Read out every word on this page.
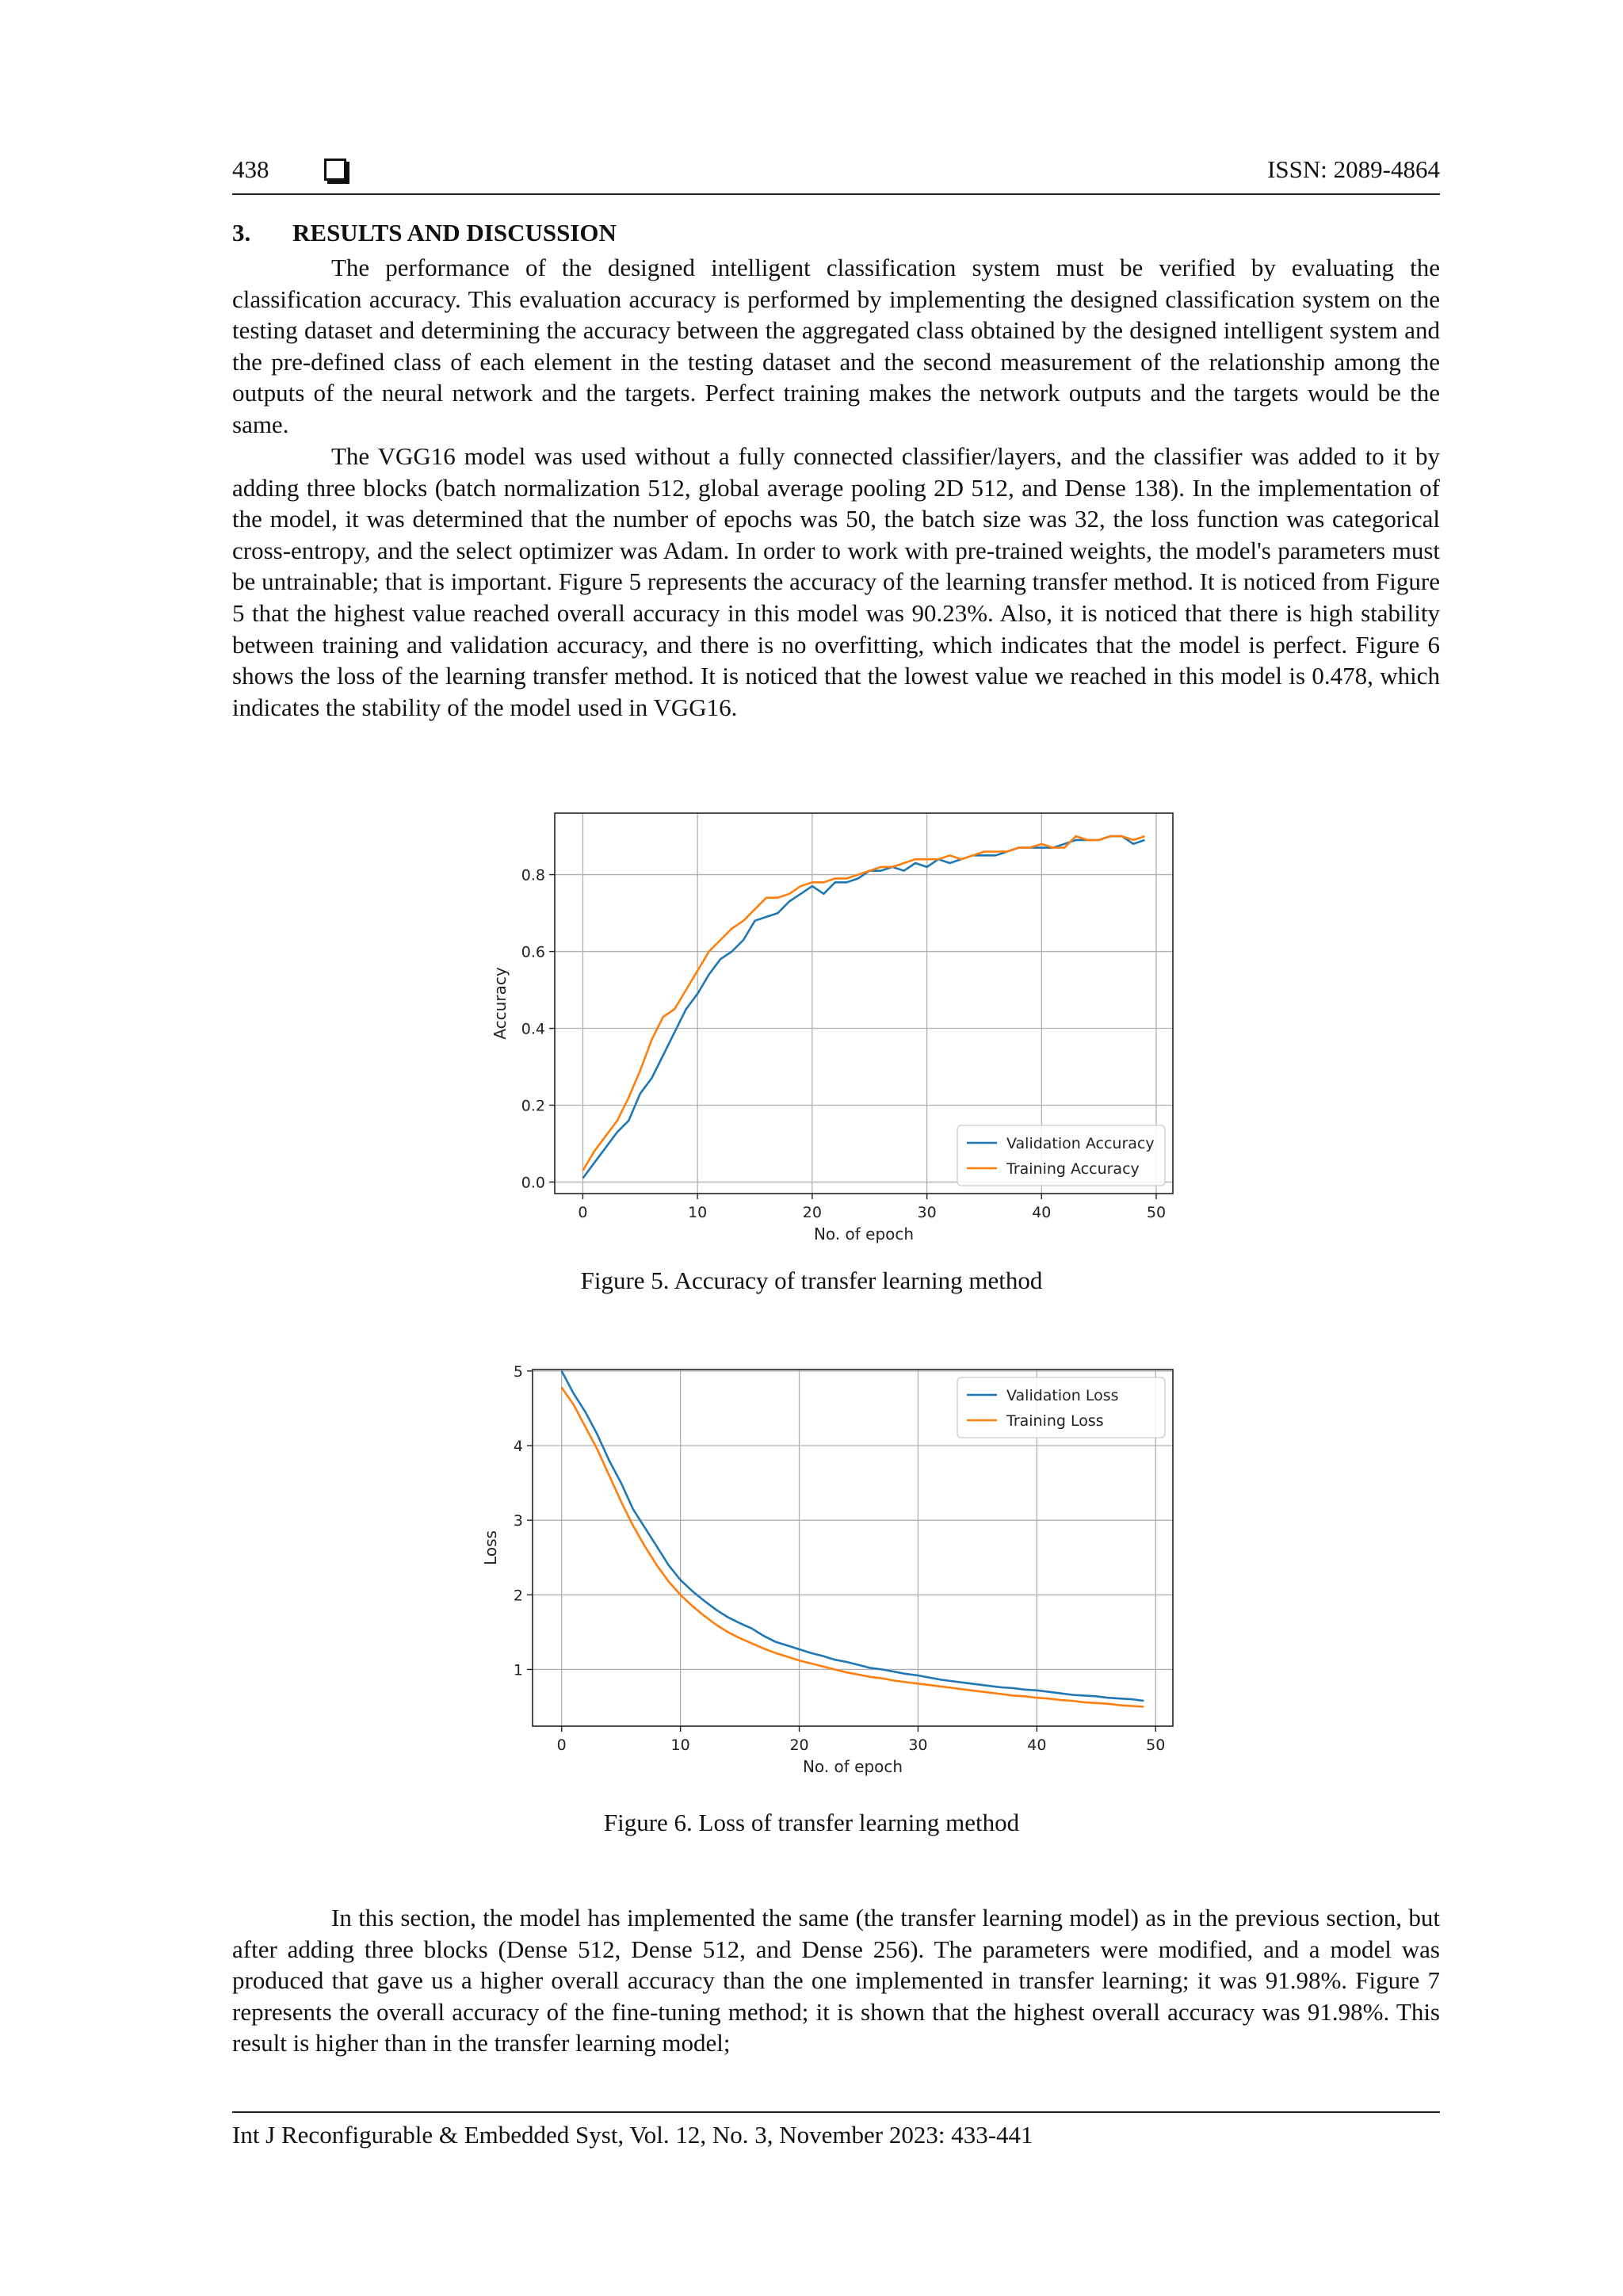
438	ISSN: 2089-4864
3. RESULTS AND DISCUSSION
The performance of the designed intelligent classification system must be verified by evaluating the classification accuracy. This evaluation accuracy is performed by implementing the designed classification system on the testing dataset and determining the accuracy between the aggregated class obtained by the designed intelligent system and the pre-defined class of each element in the testing dataset and the second measurement of the relationship among the outputs of the neural network and the targets. Perfect training makes the network outputs and the targets would be the same.
The VGG16 model was used without a fully connected classifier/layers, and the classifier was added to it by adding three blocks (batch normalization 512, global average pooling 2D 512, and Dense 138). In the implementation of the model, it was determined that the number of epochs was 50, the batch size was 32, the loss function was categorical cross-entropy, and the select optimizer was Adam. In order to work with pre-trained weights, the model's parameters must be untrainable; that is important. Figure 5 represents the accuracy of the learning transfer method. It is noticed from Figure 5 that the highest value reached overall accuracy in this model was 90.23%. Also, it is noticed that there is high stability between training and validation accuracy, and there is no overfitting, which indicates that the model is perfect. Figure 6 shows the loss of the learning transfer method. It is noticed that the lowest value we reached in this model is 0.478, which indicates the stability of the model used in VGG16.
0	10	20	30	40	50
0.0
0.2
0.4
0.6
0.8
No. of epoch
Accuracy
Validation Accuracy
Training Accuracy
Figure 5. Accuracy of transfer learning method
0	10	20	30	40	50
1
2
3
4
5
No. of epoch
Loss
Validation Loss
Training Loss
Figure 6. Loss of transfer learning method
In this section, the model has implemented the same (the transfer learning model) as in the previous section, but after adding three blocks (Dense 512, Dense 512, and Dense 256). The parameters were modified, and a model was produced that gave us a higher overall accuracy than the one implemented in transfer learning; it was 91.98%. Figure 7 represents the overall accuracy of the fine-tuning method; it is shown that the highest overall accuracy was 91.98%. This result is higher than in the transfer learning model;
Int J Reconfigurable & Embedded Syst, Vol. 12, No. 3, November 2023: 433-441
